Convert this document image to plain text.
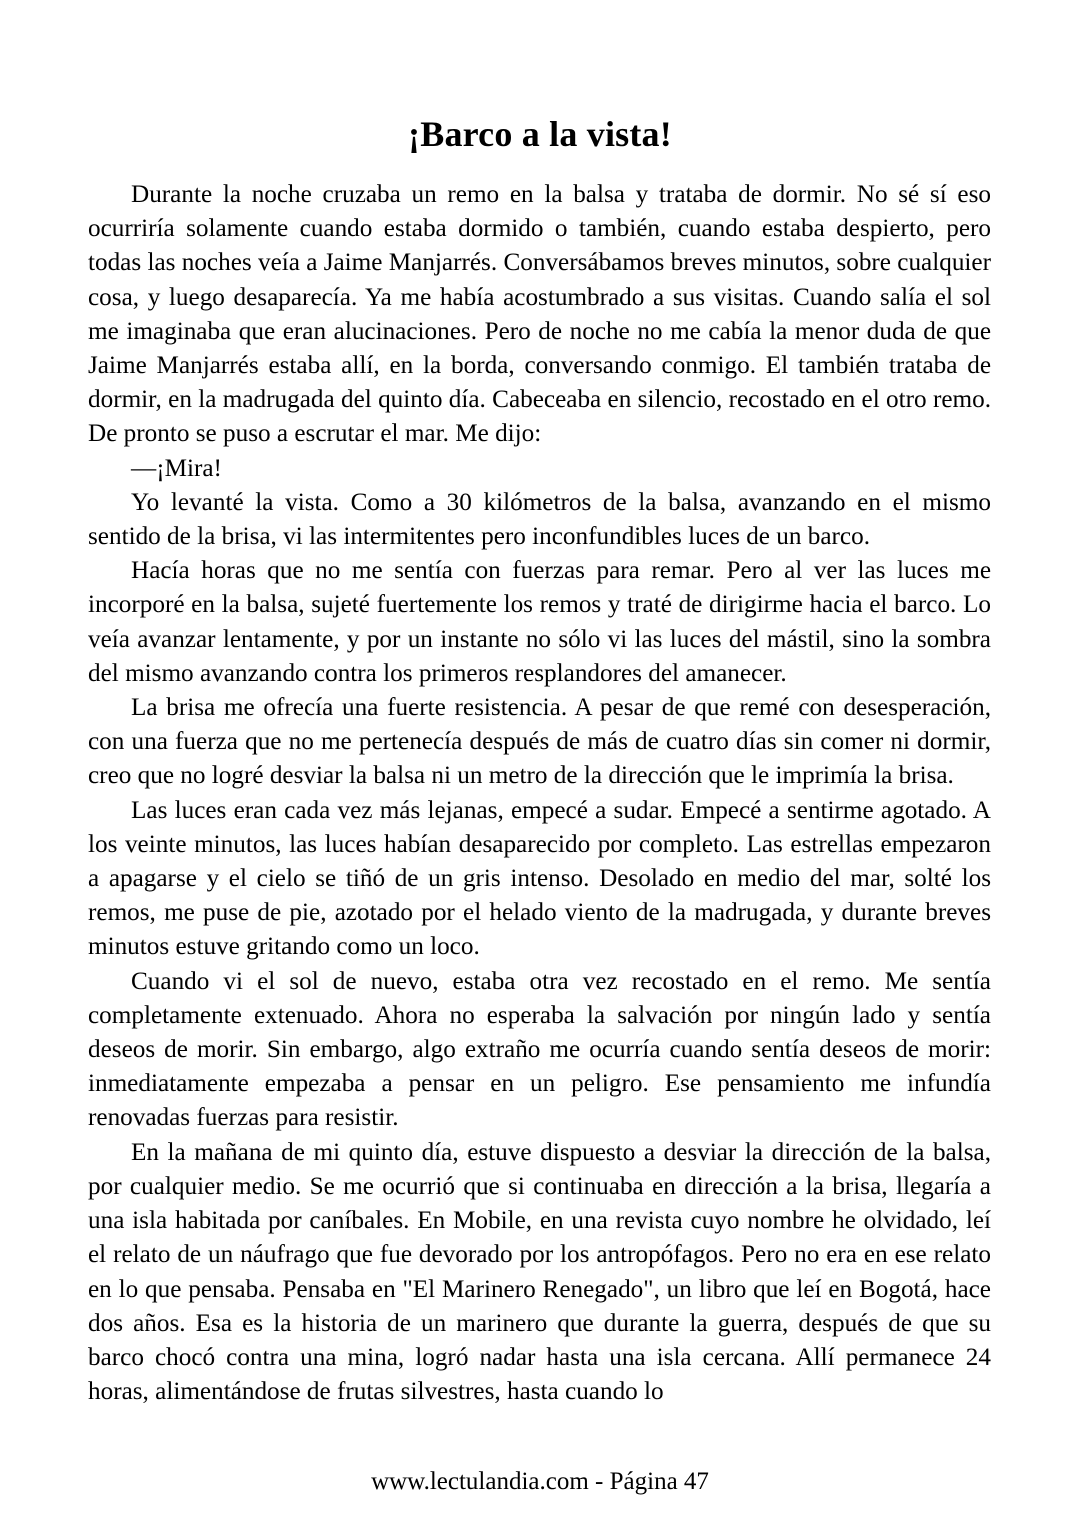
¡Barco a la vista!

Durante la noche cruzaba un remo en la balsa y trataba de dormir. No sé sí eso ocurriría solamente cuando estaba dormido o también, cuando estaba despierto, pero todas las noches veía a Jaime Manjarrés. Conversábamos breves minutos, sobre cualquier cosa, y luego desaparecía. Ya me había acostumbrado a sus visitas. Cuando salía el sol me imaginaba que eran alucinaciones. Pero de noche no me cabía la menor duda de que Jaime Manjarrés estaba allí, en la borda, conversando conmigo. El también trataba de dormir, en la madrugada del quinto día. Cabeceaba en silencio, recostado en el otro remo. De pronto se puso a escrutar el mar. Me dijo:

—¡Mira!

Yo levanté la vista. Como a 30 kilómetros de la balsa, avanzando en el mismo sentido de la brisa, vi las intermitentes pero inconfundibles luces de un barco.

Hacía horas que no me sentía con fuerzas para remar. Pero al ver las luces me incorporé en la balsa, sujeté fuertemente los remos y traté de dirigirme hacia el barco. Lo veía avanzar lentamente, y por un instante no sólo vi las luces del mástil, sino la sombra del mismo avanzando contra los primeros resplandores del amanecer.

La brisa me ofrecía una fuerte resistencia. A pesar de que remé con desesperación, con una fuerza que no me pertenecía después de más de cuatro días sin comer ni dormir, creo que no logré desviar la balsa ni un metro de la dirección que le imprimía la brisa.

Las luces eran cada vez más lejanas, empecé a sudar. Empecé a sentirme agotado. A los veinte minutos, las luces habían desaparecido por completo. Las estrellas empezaron a apagarse y el cielo se tiñó de un gris intenso. Desolado en medio del mar, solté los remos, me puse de pie, azotado por el helado viento de la madrugada, y durante breves minutos estuve gritando como un loco.

Cuando vi el sol de nuevo, estaba otra vez recostado en el remo. Me sentía completamente extenuado. Ahora no esperaba la salvación por ningún lado y sentía deseos de morir. Sin embargo, algo extraño me ocurría cuando sentía deseos de morir: inmediatamente empezaba a pensar en un peligro. Ese pensamiento me infundía renovadas fuerzas para resistir.

En la mañana de mi quinto día, estuve dispuesto a desviar la dirección de la balsa, por cualquier medio. Se me ocurrió que si continuaba en dirección a la brisa, llegaría a una isla habitada por caníbales. En Mobile, en una revista cuyo nombre he olvidado, leí el relato de un náufrago que fue devorado por los antropófagos. Pero no era en ese relato en lo que pensaba. Pensaba en "El Marinero Renegado", un libro que leí en Bogotá, hace dos años. Esa es la historia de un marinero que durante la guerra, después de que su barco chocó contra una mina, logró nadar hasta una isla cercana. Allí permanece 24 horas, alimentándose de frutas silvestres, hasta cuando lo

www.lectulandia.com - Página 47
